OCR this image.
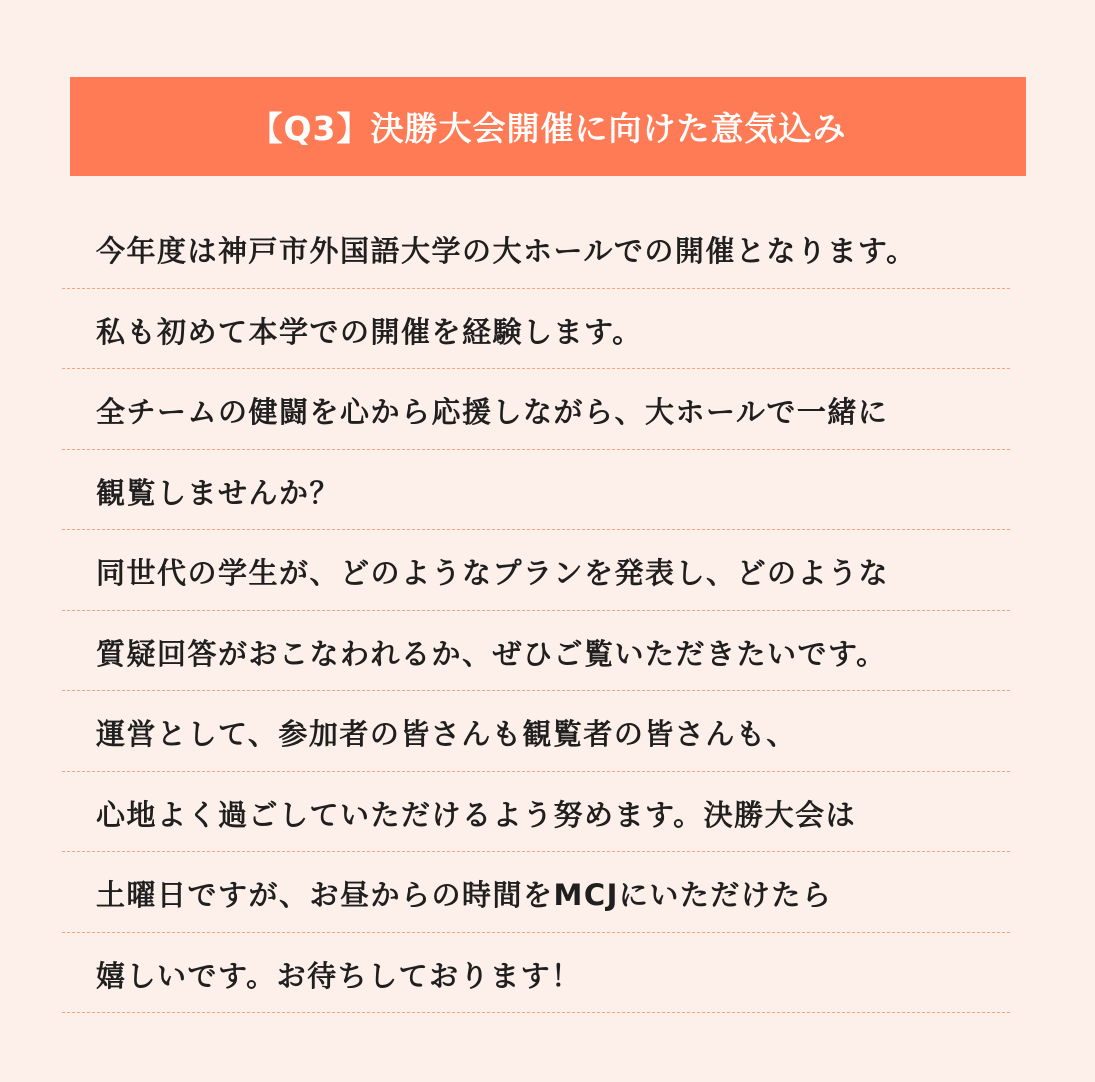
【Q3】決勝大会開催に向けた意気込み
今年度は神戸市外国語大学の大ホールでの開催となります。
私も初めて本学での開催を経験します。
全チームの健闘を心から応援しながら、大ホールで一緒に
観覧しませんか？
同世代の学生が、どのようなプランを発表し、どのような
質疑回答がおこなわれるか、ぜひご覧いただきたいです。
運営として、参加者の皆さんも観覧者の皆さんも、
心地よく過ごしていただけるよう努めます。決勝大会は
土曜日ですが、お昼からの時間をMCJにいただけたら
嬉しいです。お待ちしております！
